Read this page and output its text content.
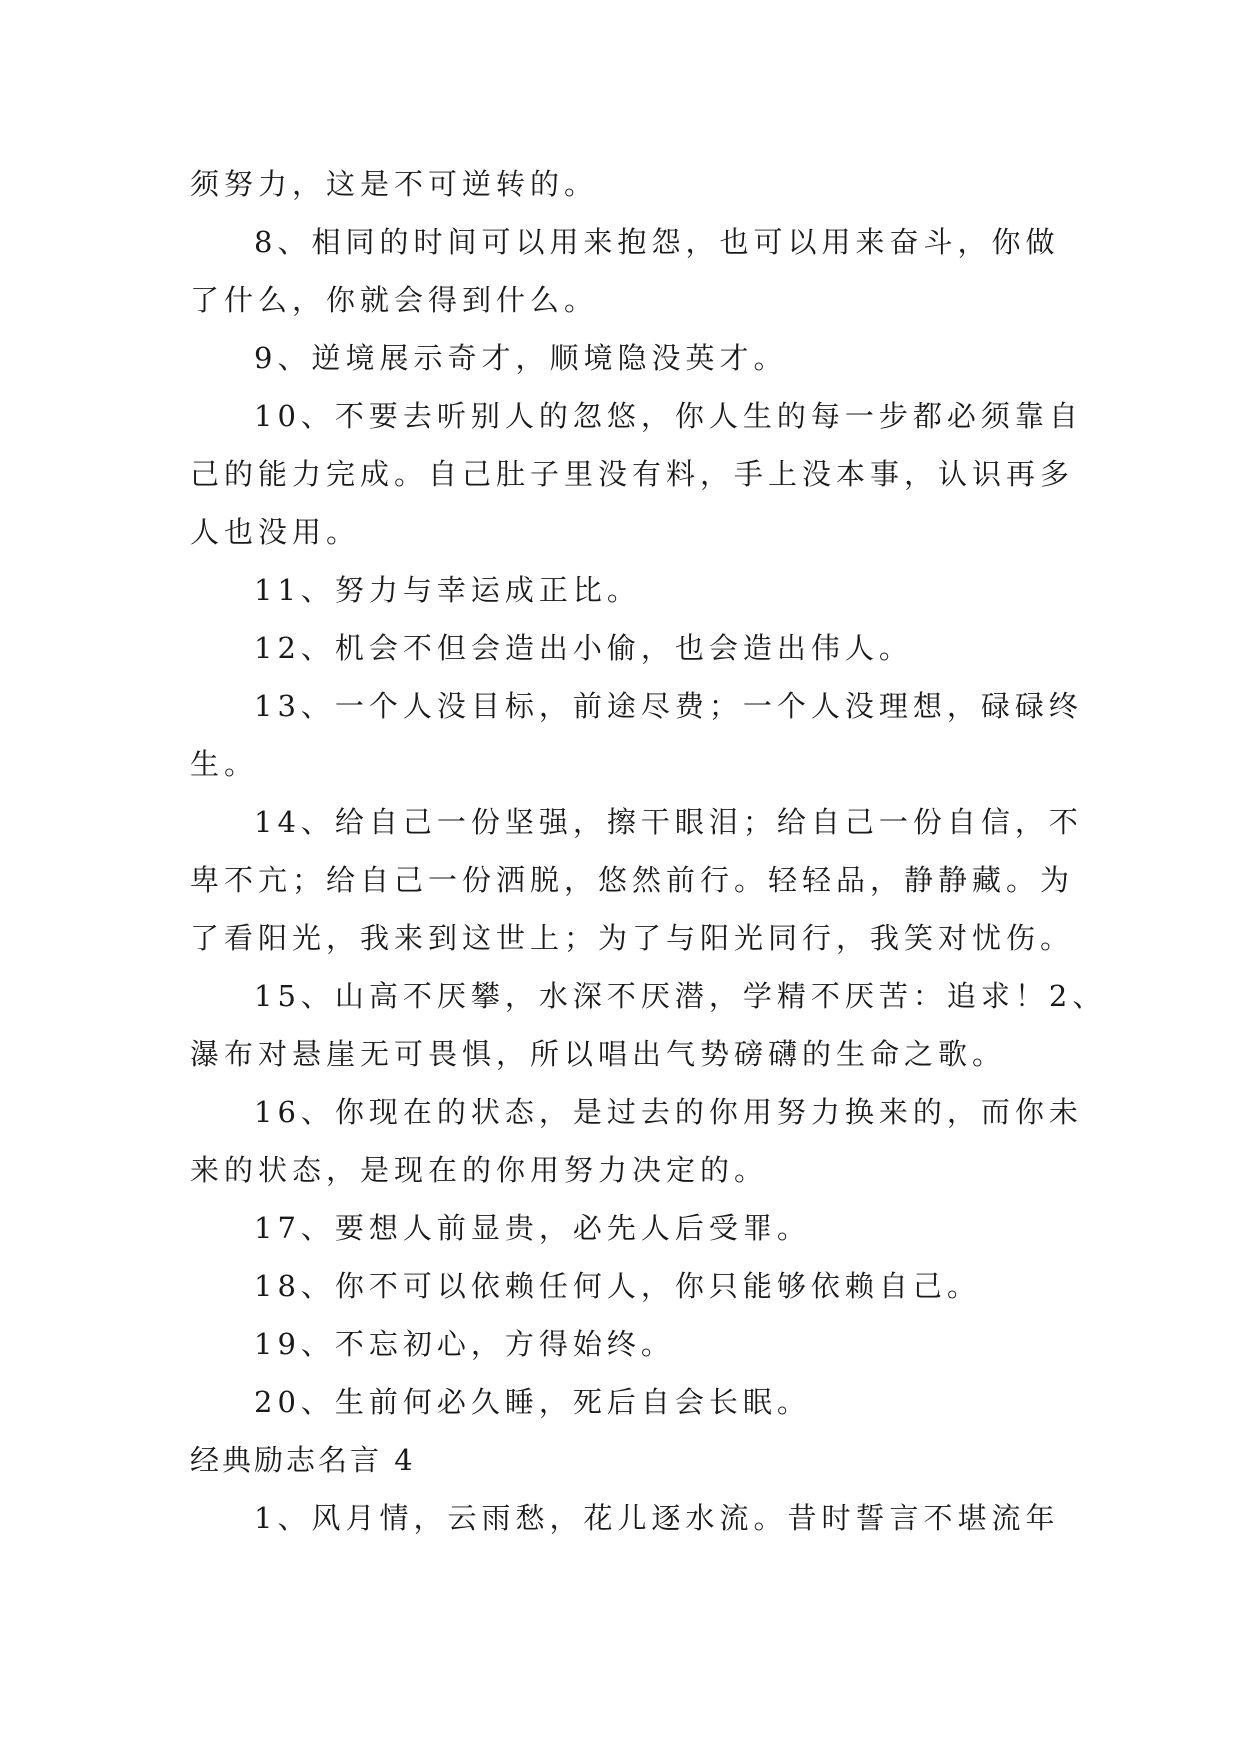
须努力，这是不可逆转的。

8、相同的时间可以用来抱怨，也可以用来奋斗，你做
了什么，你就会得到什么。

9、逆境展示奇才，顺境隐没英才。

10、不要去听别人的忽悠，你人生的每一步都必须靠自
己的能力完成。自己肚子里没有料，手上没本事，认识再多
人也没用。

11、努力与幸运成正比。

12、机会不但会造出小偷，也会造出伟人。

13、一个人没目标，前途尽费；一个人没理想，碌碌终
生。

14、给自己一份坚强，擦干眼泪；给自己一份自信，不
卑不亢；给自己一份洒脱，悠然前行。轻轻品，静静藏。为
了看阳光，我来到这世上；为了与阳光同行，我笑对忧伤。

15、山高不厌攀，水深不厌潜，学精不厌苦：追求！2、
瀑布对悬崖无可畏惧，所以唱出气势磅礴的生命之歌。

16、你现在的状态，是过去的你用努力换来的，而你未
来的状态，是现在的你用努力决定的。

17、要想人前显贵，必先人后受罪。

18、你不可以依赖任何人，你只能够依赖自己。

19、不忘初心，方得始终。

20、生前何必久睡，死后自会长眠。

经典励志名言 4

1、风月情，云雨愁，花儿逐水流。昔时誓言不堪流年
